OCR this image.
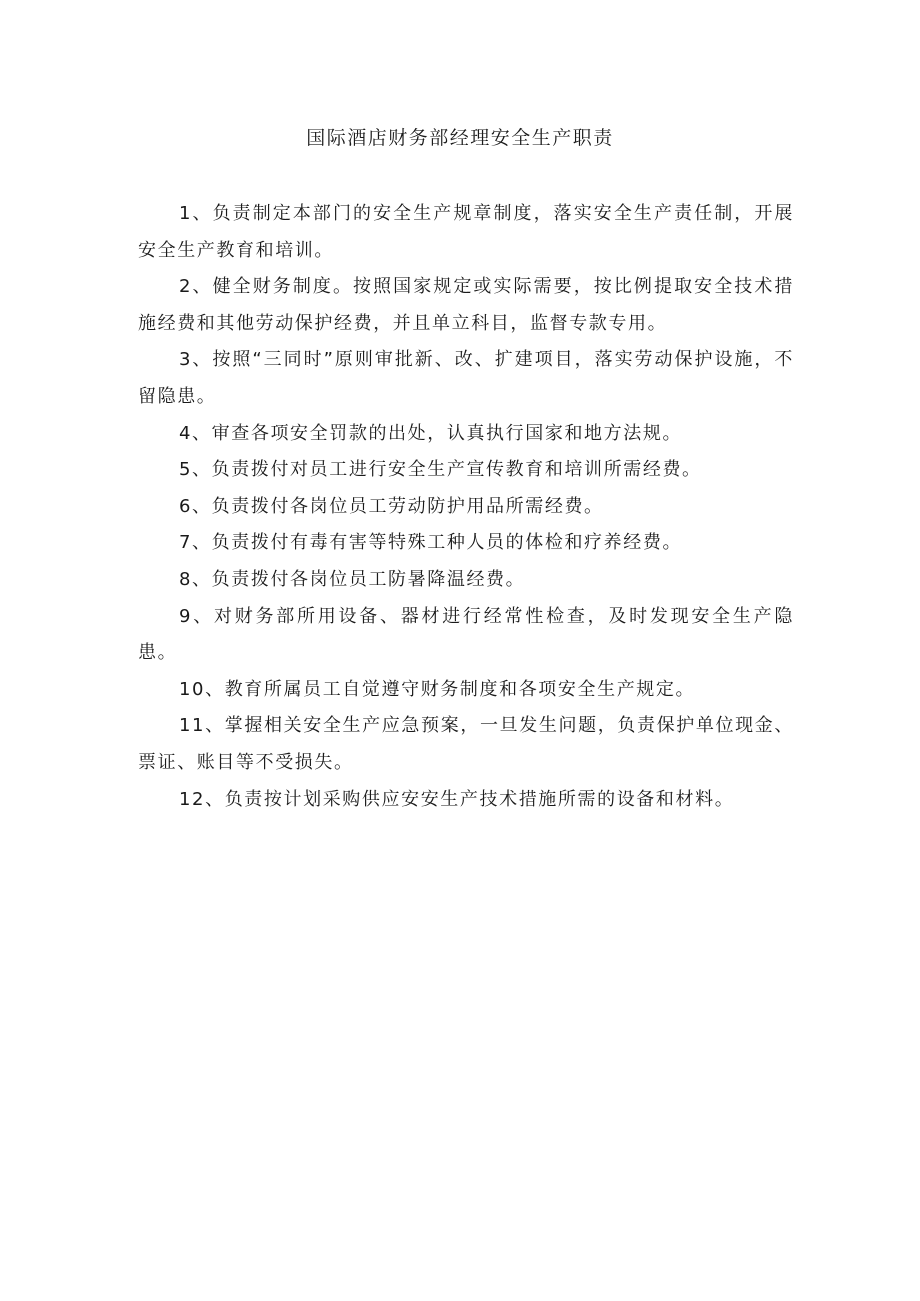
国际酒店财务部经理安全生产职责

1、负责制定本部门的安全生产规章制度，落实安全生产责任制，开展安全生产教育和培训。

2、健全财务制度。按照国家规定或实际需要，按比例提取安全技术措施经费和其他劳动保护经费，并且单立科目，监督专款专用。

3、按照“三同时”原则审批新、改、扩建项目，落实劳动保护设施，不留隐患。

4、审查各项安全罚款的出处，认真执行国家和地方法规。

5、负责拨付对员工进行安全生产宣传教育和培训所需经费。

6、负责拨付各岗位员工劳动防护用品所需经费。

7、负责拨付有毒有害等特殊工种人员的体检和疗养经费。

8、负责拨付各岗位员工防暑降温经费。

9、对财务部所用设备、器材进行经常性检查，及时发现安全生产隐患。

10、教育所属员工自觉遵守财务制度和各项安全生产规定。

11、掌握相关安全生产应急预案，一旦发生问题，负责保护单位现金、票证、账目等不受损失。

12、负责按计划采购供应安安生产技术措施所需的设备和材料。
